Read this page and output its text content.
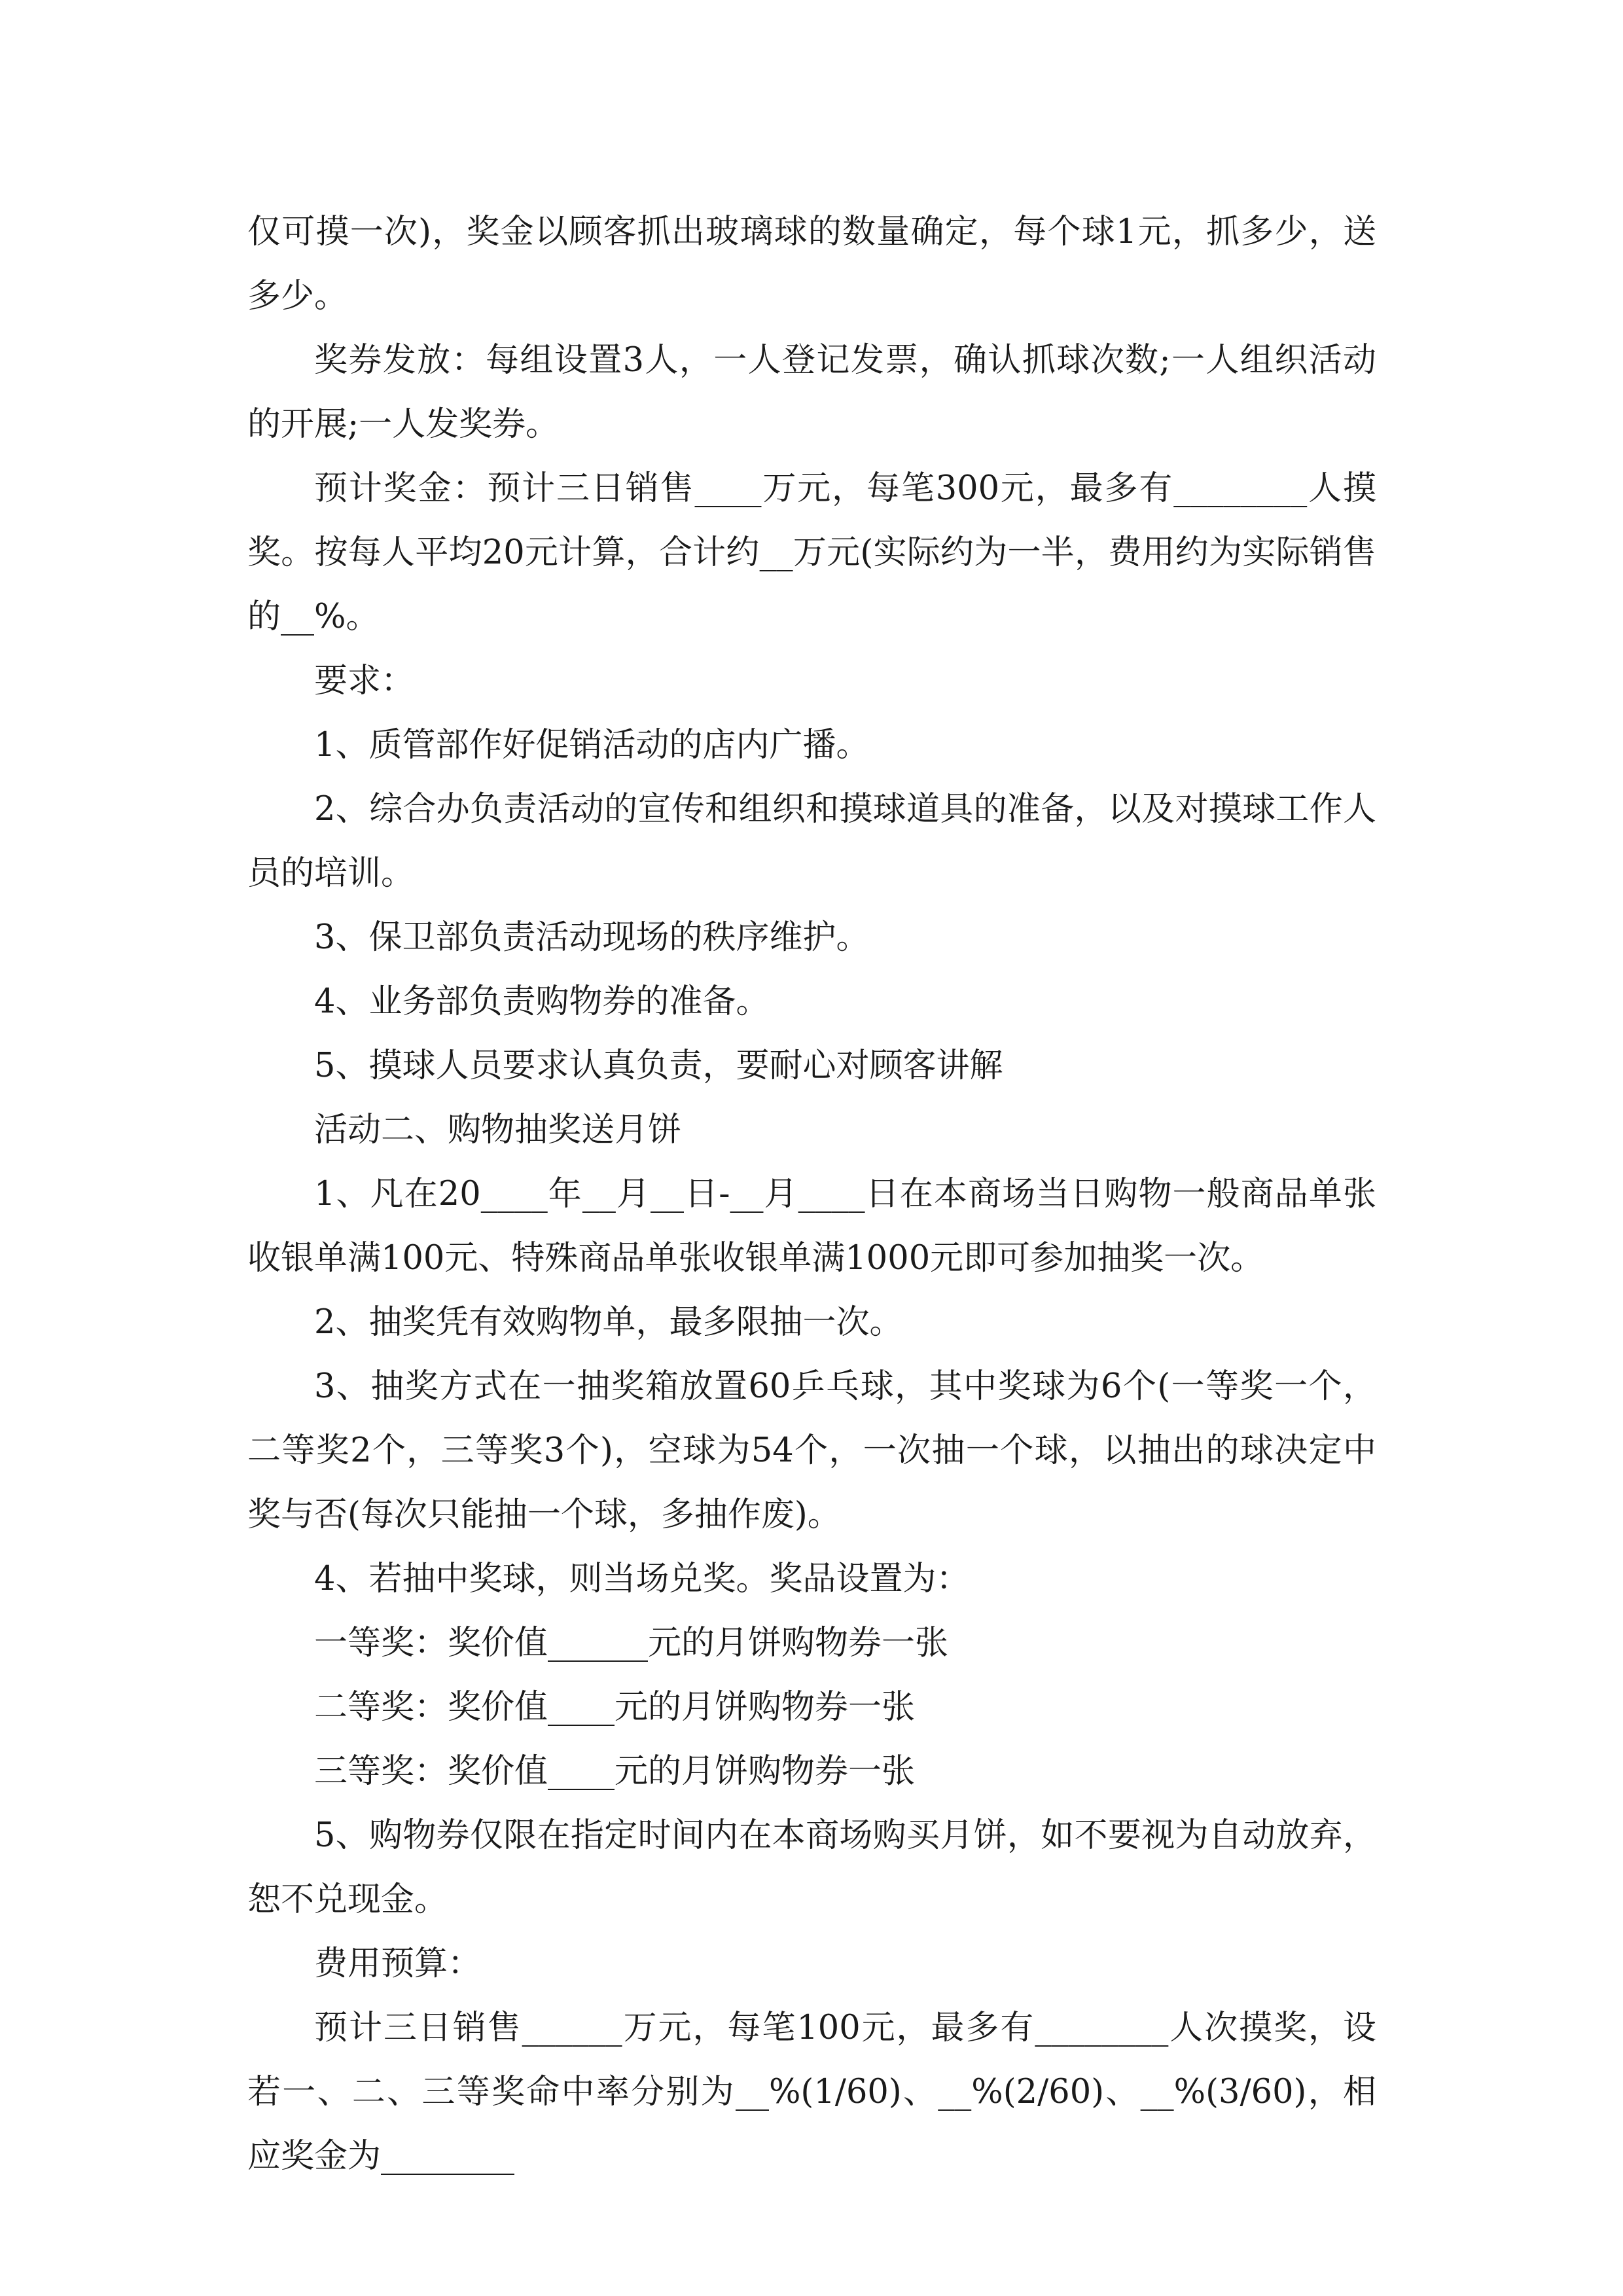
仅可摸一次)，奖金以顾客抓出玻璃球的数量确定，每个球1元，抓多少，送多少。

奖券发放：每组设置3人，一人登记发票，确认抓球次数;一人组织活动的开展;一人发奖券。

预计奖金：预计三日销售____万元，每笔300元，最多有________人摸奖。按每人平均20元计算，合计约__万元(实际约为一半，费用约为实际销售的__%。

要求：

1、质管部作好促销活动的店内广播。

2、综合办负责活动的宣传和组织和摸球道具的准备，以及对摸球工作人员的培训。

3、保卫部负责活动现场的秩序维护。

4、业务部负责购物券的准备。

5、摸球人员要求认真负责，要耐心对顾客讲解

活动二、购物抽奖送月饼

1、凡在20____年__月__日-__月____日在本商场当日购物一般商品单张收银单满100元、特殊商品单张收银单满1000元即可参加抽奖一次。

2、抽奖凭有效购物单，最多限抽一次。

3、抽奖方式在一抽奖箱放置60乒乓球，其中奖球为6个(一等奖一个，二等奖2个，三等奖3个)，空球为54个，一次抽一个球，以抽出的球决定中奖与否(每次只能抽一个球，多抽作废)。

4、若抽中奖球，则当场兑奖。奖品设置为：

一等奖：奖价值______元的月饼购物券一张

二等奖：奖价值____元的月饼购物券一张

三等奖：奖价值____元的月饼购物券一张

5、购物券仅限在指定时间内在本商场购买月饼，如不要视为自动放弃，恕不兑现金。

费用预算：

预计三日销售______万元，每笔100元，最多有________人次摸奖，设若一、二、三等奖命中率分别为__%(1/60)、__%(2/60)、__%(3/60)，相应奖金为________
